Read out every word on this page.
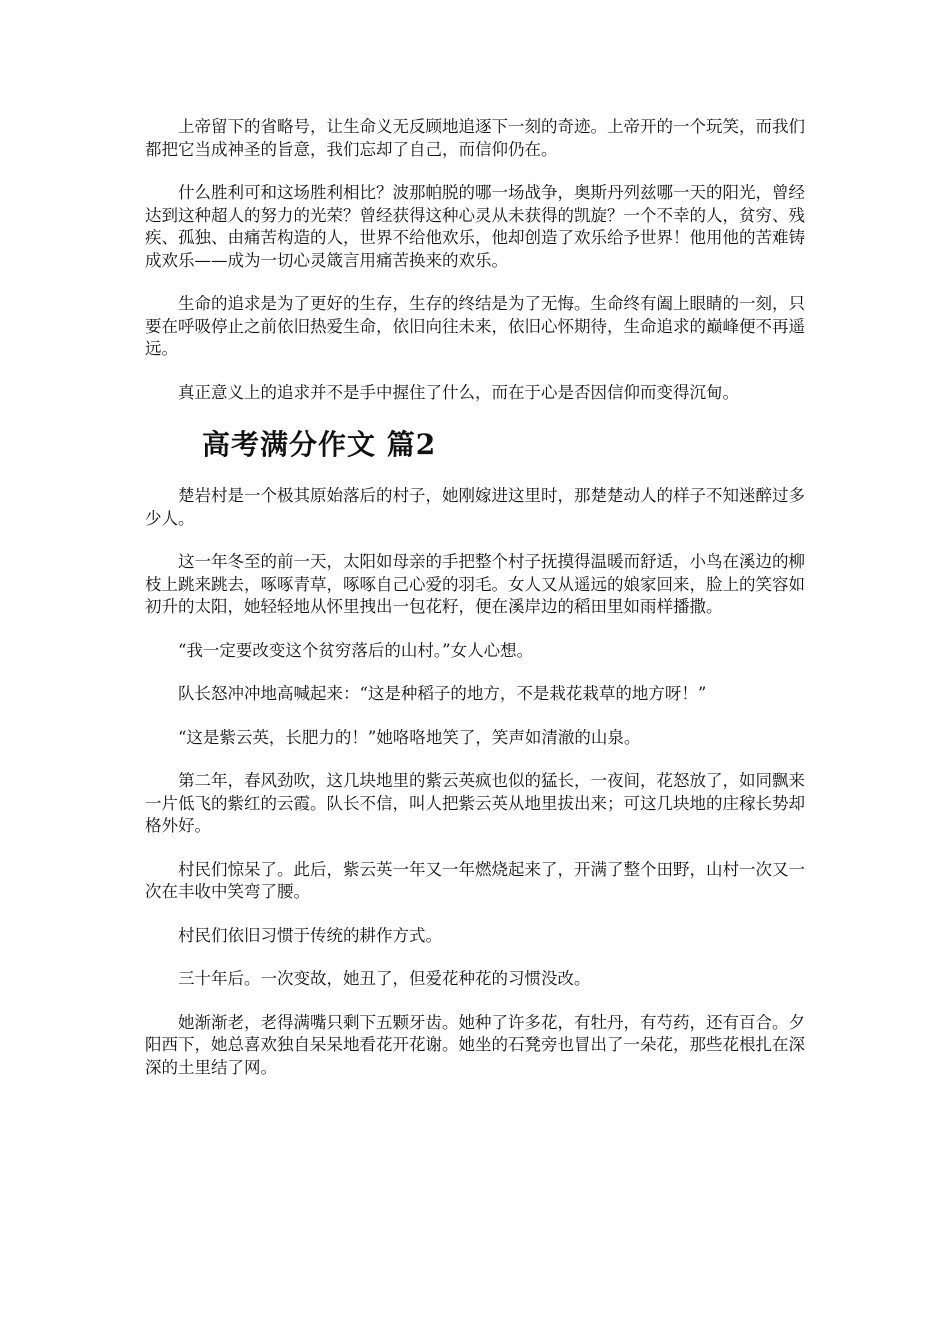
上帝留下的省略号，让生命义无反顾地追逐下一刻的奇迹。上帝开的一个玩笑，而我们都把它当成神圣的旨意，我们忘却了自己，而信仰仍在。

什么胜利可和这场胜利相比？波那帕脱的哪一场战争，奥斯丹列兹哪一天的阳光，曾经达到这种超人的努力的光荣？曾经获得这种心灵从未获得的凯旋？一个不幸的人，贫穷、残疾、孤独、由痛苦构造的人，世界不给他欢乐，他却创造了欢乐给予世界！他用他的苦难铸成欢乐——成为一切心灵箴言用痛苦换来的欢乐。

生命的追求是为了更好的生存，生存的终结是为了无悔。生命终有阖上眼睛的一刻，只要在呼吸停止之前依旧热爱生命，依旧向往未来，依旧心怀期待，生命追求的巅峰便不再遥远。

真正意义上的追求并不是手中握住了什么，而在于心是否因信仰而变得沉甸。

高考满分作文 篇2

楚岩村是一个极其原始落后的村子，她刚嫁进这里时，那楚楚动人的样子不知迷醉过多少人。

这一年冬至的前一天，太阳如母亲的手把整个村子抚摸得温暖而舒适，小鸟在溪边的柳枝上跳来跳去，啄啄青草，啄啄自己心爱的羽毛。女人又从遥远的娘家回来，脸上的笑容如初升的太阳，她轻轻地从怀里拽出一包花籽，便在溪岸边的稻田里如雨样播撒。

“我一定要改变这个贫穷落后的山村。”女人心想。

队长怒冲冲地高喊起来：“这是种稻子的地方，不是栽花栽草的地方呀！”

“这是紫云英，长肥力的！”她咯咯地笑了，笑声如清澈的山泉。

第二年，春风劲吹，这几块地里的紫云英疯也似的猛长，一夜间，花怒放了，如同飘来一片低飞的紫红的云霞。队长不信，叫人把紫云英从地里拔出来；可这几块地的庄稼长势却格外好。

村民们惊呆了。此后，紫云英一年又一年燃烧起来了，开满了整个田野，山村一次又一次在丰收中笑弯了腰。

村民们依旧习惯于传统的耕作方式。

三十年后。一次变故，她丑了，但爱花种花的习惯没改。

她渐渐老，老得满嘴只剩下五颗牙齿。她种了许多花，有牡丹，有芍药，还有百合。夕阳西下，她总喜欢独自呆呆地看花开花谢。她坐的石凳旁也冒出了一朵花，那些花根扎在深深的土里结了网。
